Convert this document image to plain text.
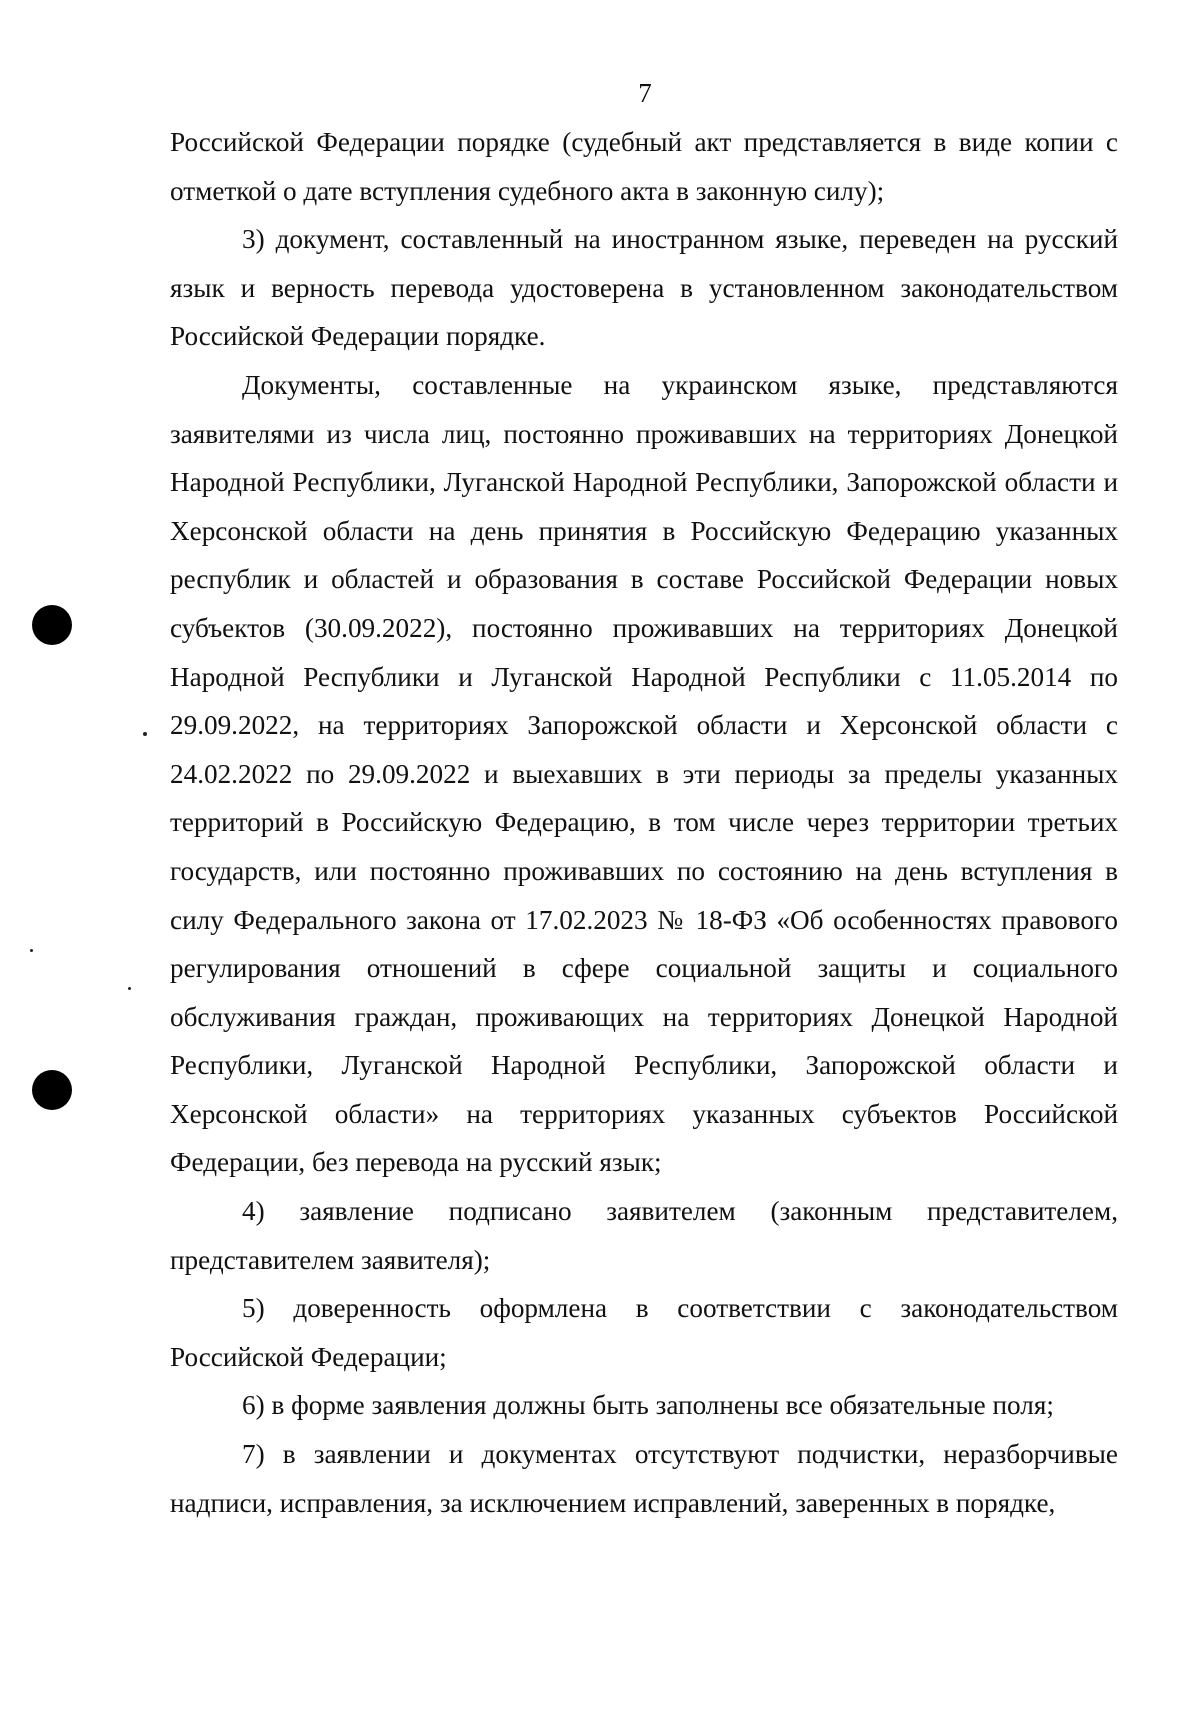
7

Российской Федерации порядке (судебный акт представляется в виде копии с отметкой о дате вступления судебного акта в законную силу);

3) документ, составленный на иностранном языке, переведен на русский язык и верность перевода удостоверена в установленном законодательством Российской Федерации порядке.

Документы, составленные на украинском языке, представляются заявителями из числа лиц, постоянно проживавших на территориях Донецкой Народной Республики, Луганской Народной Республики, Запорожской области и Херсонской области на день принятия в Российскую Федерацию указанных республик и областей и образования в составе Российской Федерации новых субъектов (30.09.2022), постоянно проживавших на территориях Донецкой Народной Республики и Луганской Народной Республики с 11.05.2014 по 29.09.2022, на территориях Запорожской области и Херсонской области с 24.02.2022 по 29.09.2022 и выехавших в эти периоды за пределы указанных территорий в Российскую Федерацию, в том числе через территории третьих государств, или постоянно проживавших по состоянию на день вступления в силу Федерального закона от 17.02.2023 № 18-ФЗ «Об особенностях правового регулирования отношений в сфере социальной защиты и социального обслуживания граждан, проживающих на территориях Донецкой Народной Республики, Луганской Народной Республики, Запорожской области и Херсонской области» на территориях указанных субъектов Российской Федерации, без перевода на русский язык;

4) заявление подписано заявителем (законным представителем, представителем заявителя);

5) доверенность оформлена в соответствии с законодательством Российской Федерации;

6) в форме заявления должны быть заполнены все обязательные поля;

7) в заявлении и документах отсутствуют подчистки, неразборчивые надписи, исправления, за исключением исправлений, заверенных в порядке,
